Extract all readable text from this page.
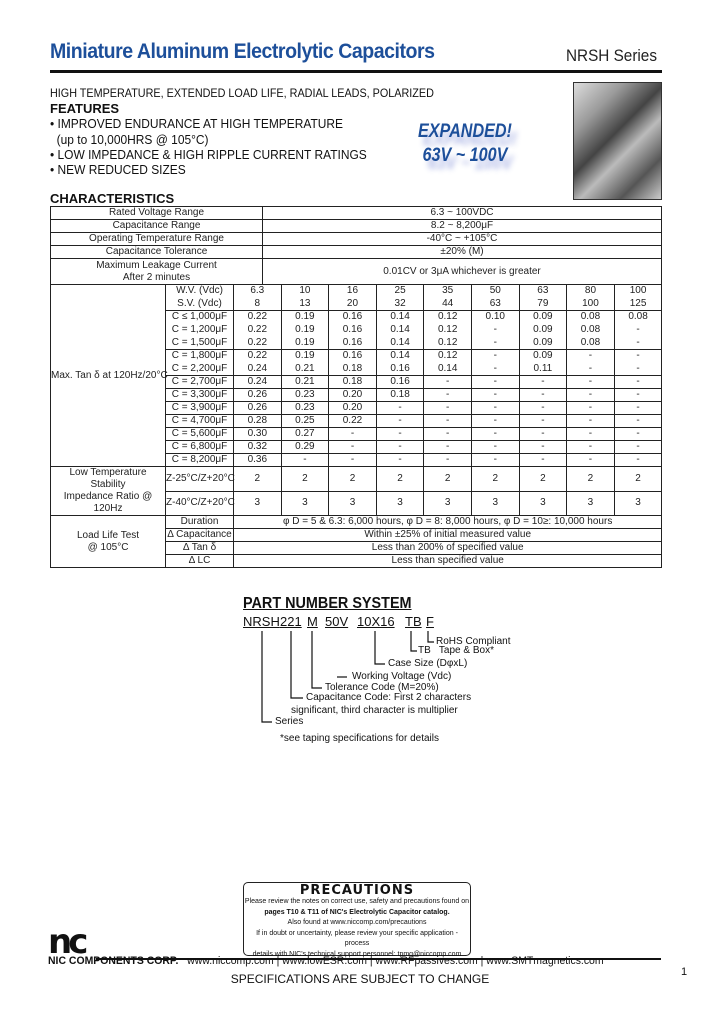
Miniature Aluminum Electrolytic Capacitors	NRSH Series
HIGH TEMPERATURE, EXTENDED LOAD LIFE, RADIAL LEADS, POLARIZED
FEATURES
• IMPROVED ENDURANCE AT HIGH TEMPERATURE
(up to 10,000HRS @ 105°C)
• LOW IMPEDANCE & HIGH RIPPLE CURRENT RATINGS
• NEW REDUCED SIZES
EXPANDED!
63V ~ 100V
CHARACTERISTICS
Rated Voltage Range	6.3 ~ 100VDC
Capacitance Range	8.2 ~ 8,200μF
Operating Temperature Range	-40°C ~ +105°C
Capacitance Tolerance	±20% (M)
Maximum Leakage Current
After 2 minutes	0.01CV or 3μA whichever is greater
Max. Tan δ at 120Hz/20°C	W.V. (Vdc)	6.3	10	16	25	35	50	63	80	100
	S.V. (Vdc)	8	13	20	32	44	63	79	100	125
	C ≤ 1,000μF	0.22	0.19	0.16	0.14	0.12	0.10	0.09	0.08	0.08
	C = 1,200μF	0.22	0.19	0.16	0.14	0.12	-	0.09	0.08	-
	C = 1,500μF	0.22	0.19	0.16	0.14	0.12	-	0.09	0.08	-
	C = 1,800μF	0.22	0.19	0.16	0.14	0.12	-	0.09	-	-
	C = 2,200μF	0.24	0.21	0.18	0.16	0.14	-	0.11	-	-
	C = 2,700μF	0.24	0.21	0.18	0.16	-	-	-	-	-
	C = 3,300μF	0.26	0.23	0.20	0.18	-	-	-	-	-
	C = 3,900μF	0.26	0.23	0.20	-	-	-	-	-	-
	C = 4,700μF	0.28	0.25	0.22	-	-	-	-	-	-
	C = 5,600μF	0.30	0.27	-	-	-	-	-	-	-
	C = 6,800μF	0.32	0.29	-	-	-	-	-	-	-
	C = 8,200μF	0.36	-	-	-	-	-	-	-	-
Low Temperature Stability
Impedance Ratio @ 120Hz	Z-25°C/Z+20°C	2	2	2	2	2	2	2	2	2
	Z-40°C/Z+20°C	3	3	3	3	3	3	3	3	3
Load Life Test
@ 105°C	Duration	φ D = 5 & 6.3: 6,000 hours, φ D = 8: 8,000 hours, φ D = 10≥: 10,000 hours								
	Δ Capacitance	Within ±25% of initial measured value								
	Δ Tan δ	Less than 200% of specified value								
	Δ LC	Less than specified value								
PART NUMBER SYSTEM
NRSH 221 M 50V 10X16 TB F
RoHS Compliant
TB   Tape & Box*
Case Size (DφxL)
Working Voltage (Vdc)
Tolerance Code (M=20%)
Capacitance Code: First 2 characters
significant, third character is multiplier
Series
*see taping specifications for details
PRECAUTIONS
Please review the notes on correct use, safety and precautions found on
pages T10 & T11 of NIC's Electrolytic Capacitor catalog.
Also found at www.niccomp.com/precautions
If in doubt or uncertainty, please review your specific application - process
details with NIC's technical support personnel: tpmg@niccomp.com
nc
NIC COMPONENTS CORP. www.niccomp.com | www.lowESR.com | www.RFpassives.com | www.SMTmagnetics.com
SPECIFICATIONS ARE SUBJECT TO CHANGE	1
